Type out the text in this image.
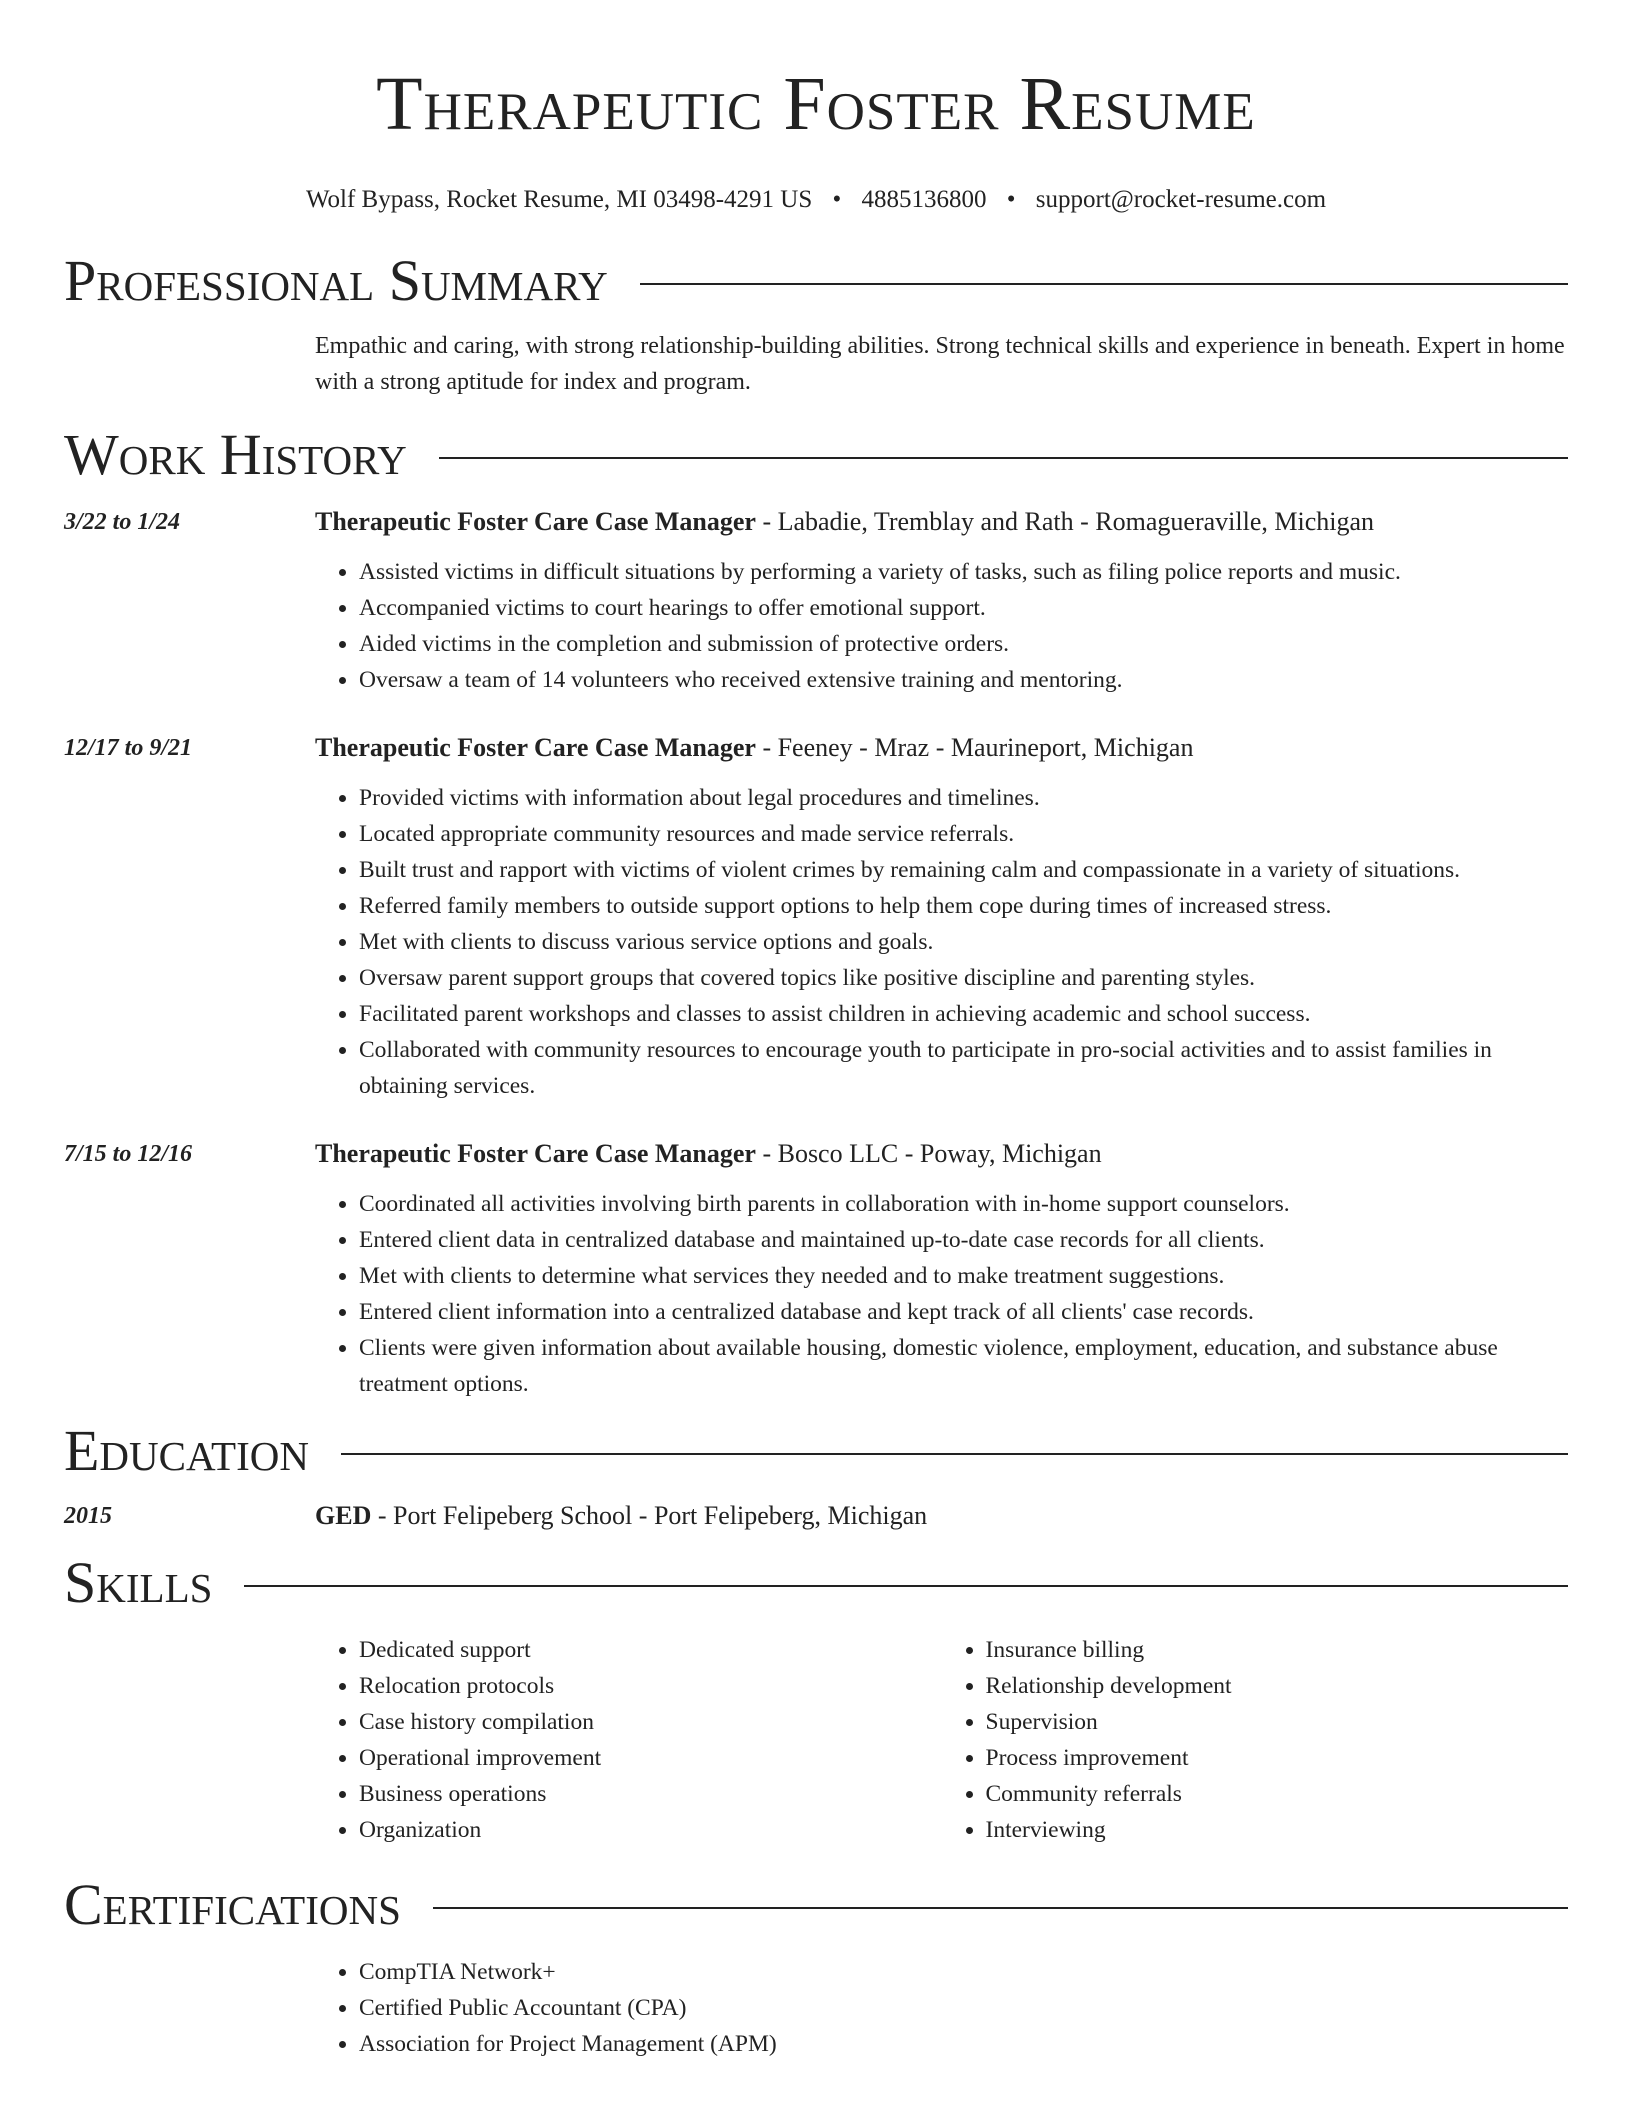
Therapeutic Foster Resume
Wolf Bypass, Rocket Resume, MI 03498-4291 US • 4885136800 • support@rocket-resume.com
Professional Summary
Empathic and caring, with strong relationship-building abilities. Strong technical skills and experience in beneath. Expert in home with a strong aptitude for index and program.
Work History
3/22 to 1/24	Therapeutic Foster Care Case Manager - Labadie, Tremblay and Rath - Romagueraville, Michigan
• Assisted victims in difficult situations by performing a variety of tasks, such as filing police reports and music.
• Accompanied victims to court hearings to offer emotional support.
• Aided victims in the completion and submission of protective orders.
• Oversaw a team of 14 volunteers who received extensive training and mentoring.
12/17 to 9/21	Therapeutic Foster Care Case Manager - Feeney - Mraz - Maurineport, Michigan
• Provided victims with information about legal procedures and timelines.
• Located appropriate community resources and made service referrals.
• Built trust and rapport with victims of violent crimes by remaining calm and compassionate in a variety of situations.
• Referred family members to outside support options to help them cope during times of increased stress.
• Met with clients to discuss various service options and goals.
• Oversaw parent support groups that covered topics like positive discipline and parenting styles.
• Facilitated parent workshops and classes to assist children in achieving academic and school success.
• Collaborated with community resources to encourage youth to participate in pro-social activities and to assist families in obtaining services.
7/15 to 12/16	Therapeutic Foster Care Case Manager - Bosco LLC - Poway, Michigan
• Coordinated all activities involving birth parents in collaboration with in-home support counselors.
• Entered client data in centralized database and maintained up-to-date case records for all clients.
• Met with clients to determine what services they needed and to make treatment suggestions.
• Entered client information into a centralized database and kept track of all clients' case records.
• Clients were given information about available housing, domestic violence, employment, education, and substance abuse treatment options.
Education
2015	GED - Port Felipeberg School - Port Felipeberg, Michigan
Skills
• Dedicated support
• Relocation protocols
• Case history compilation
• Operational improvement
• Business operations
• Organization
• Insurance billing
• Relationship development
• Supervision
• Process improvement
• Community referrals
• Interviewing
Certifications
• CompTIA Network+
• Certified Public Accountant (CPA)
• Association for Project Management (APM)
